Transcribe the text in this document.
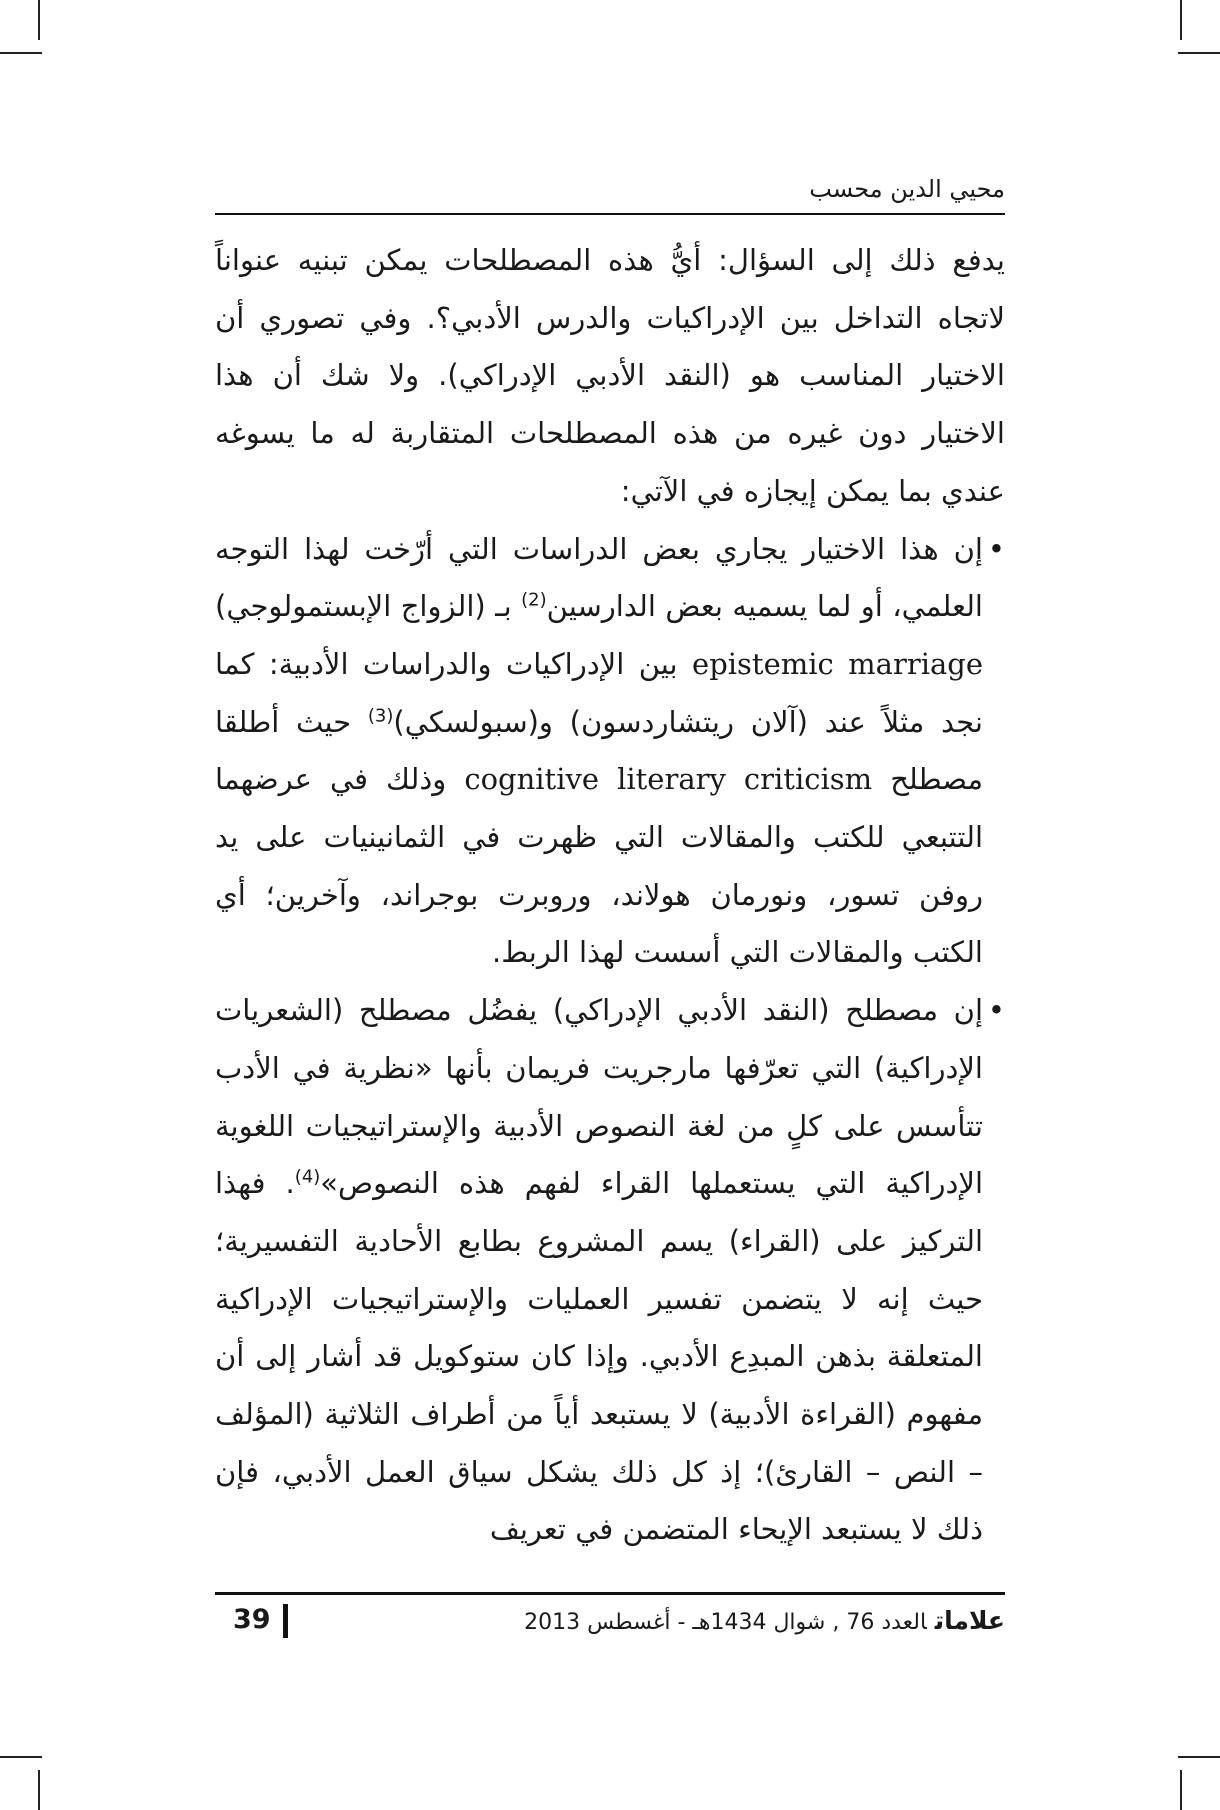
محيي الدين محسب

يدفع ذلك إلى السؤال: أيُّ هذه المصطلحات يمكن تبنيه عنواناً لاتجاه التداخل بين الإدراكيات والدرس الأدبي؟. وفي تصوري أن الاختيار المناسب هو (النقد الأدبي الإدراكي). ولا شك أن هذا الاختيار دون غيره من هذه المصطلحات المتقاربة له ما يسوغه عندي بما يمكن إيجازه في الآتي:

• إن هذا الاختيار يجاري بعض الدراسات التي أرّخت لهذا التوجه العلمي، أو لما يسميه بعض الدارسين$^{(2)}$ بـ (الزواج الإبستمولوجي) epistemic marriage بين الإدراكيات والدراسات الأدبية: كما نجد مثلاً عند (آلان ريتشاردسون) و(سبولسكي)$^{(3)}$ حيث أطلقا مصطلح cognitive literary criticism وذلك في عرضهما التتبعي للكتب والمقالات التي ظهرت في الثمانينيات على يد روفن تسور، ونورمان هولاند، وروبرت بوجراند، وآخرين؛ أي الكتب والمقالات التي أسست لهذا الربط.
• إن مصطلح (النقد الأدبي الإدراكي) يفضُل مصطلح (الشعريات الإدراكية) التي تعرّفها مارجريت فريمان بأنها «نظرية في الأدب تتأسس على كلٍ من لغة النصوص الأدبية والإستراتيجيات اللغوية الإدراكية التي يستعملها القراء لفهم هذه النصوص»$^{(4)}$. فهذا التركيز على (القراء) يسم المشروع بطابع الأحادية التفسيرية؛ حيث إنه لا يتضمن تفسير العمليات والإستراتيجيات الإدراكية المتعلقة بذهن المبدِع الأدبي. وإذا كان ستوكويل قد أشار إلى أن مفهوم (القراءة الأدبية) لا يستبعد أياً من أطراف الثلاثية (المؤلف – النص – القارئ)؛ إذ كل ذلك يشكل سياق العمل الأدبي، فإن ذلك لا يستبعد الإيحاء المتضمن في تعريف
39	علاماتالعدد 76 , شوال 1434هـ - أغسطس 2013
